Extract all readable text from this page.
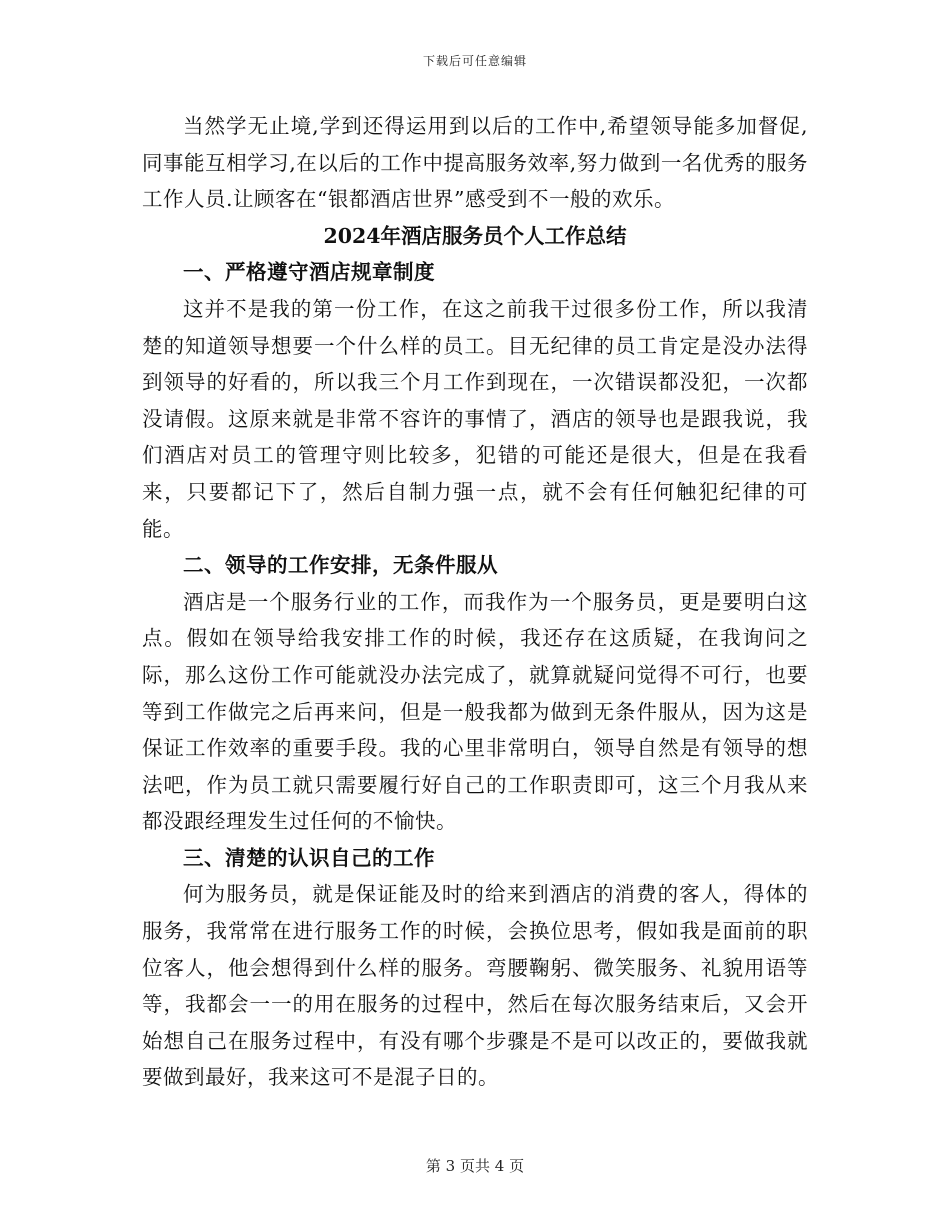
下载后可任意编辑

当然学无止境,学到还得运用到以后的工作中,希望领导能多加督促,同事能互相学习,在以后的工作中提高服务效率,努力做到一名优秀的服务工作人员.让顾客在“银都酒店世界”感受到不一般的欢乐。

2024年酒店服务员个人工作总结

一、严格遵守酒店规章制度

这并不是我的第一份工作，在这之前我干过很多份工作，所以我清楚的知道领导想要一个什么样的员工。目无纪律的员工肯定是没办法得到领导的好看的，所以我三个月工作到现在，一次错误都没犯，一次都没请假。这原来就是非常不容许的事情了，酒店的领导也是跟我说，我们酒店对员工的管理守则比较多，犯错的可能还是很大，但是在我看来，只要都记下了，然后自制力强一点，就不会有任何触犯纪律的可能。

二、领导的工作安排，无条件服从

酒店是一个服务行业的工作，而我作为一个服务员，更是要明白这点。假如在领导给我安排工作的时候，我还存在这质疑，在我询问之际，那么这份工作可能就没办法完成了，就算就疑问觉得不可行，也要等到工作做完之后再来问，但是一般我都为做到无条件服从，因为这是保证工作效率的重要手段。我的心里非常明白，领导自然是有领导的想法吧，作为员工就只需要履行好自己的工作职责即可，这三个月我从来都没跟经理发生过任何的不愉快。

三、清楚的认识自己的工作

何为服务员，就是保证能及时的给来到酒店的消费的客人，得体的服务，我常常在进行服务工作的时候，会换位思考，假如我是面前的职位客人，他会想得到什么样的服务。弯腰鞠躬、微笑服务、礼貌用语等等，我都会一一的用在服务的过程中，然后在每次服务结束后，又会开始想自己在服务过程中，有没有哪个步骤是不是可以改正的，要做我就要做到最好，我来这可不是混子日的。

第 3 页共 4 页
